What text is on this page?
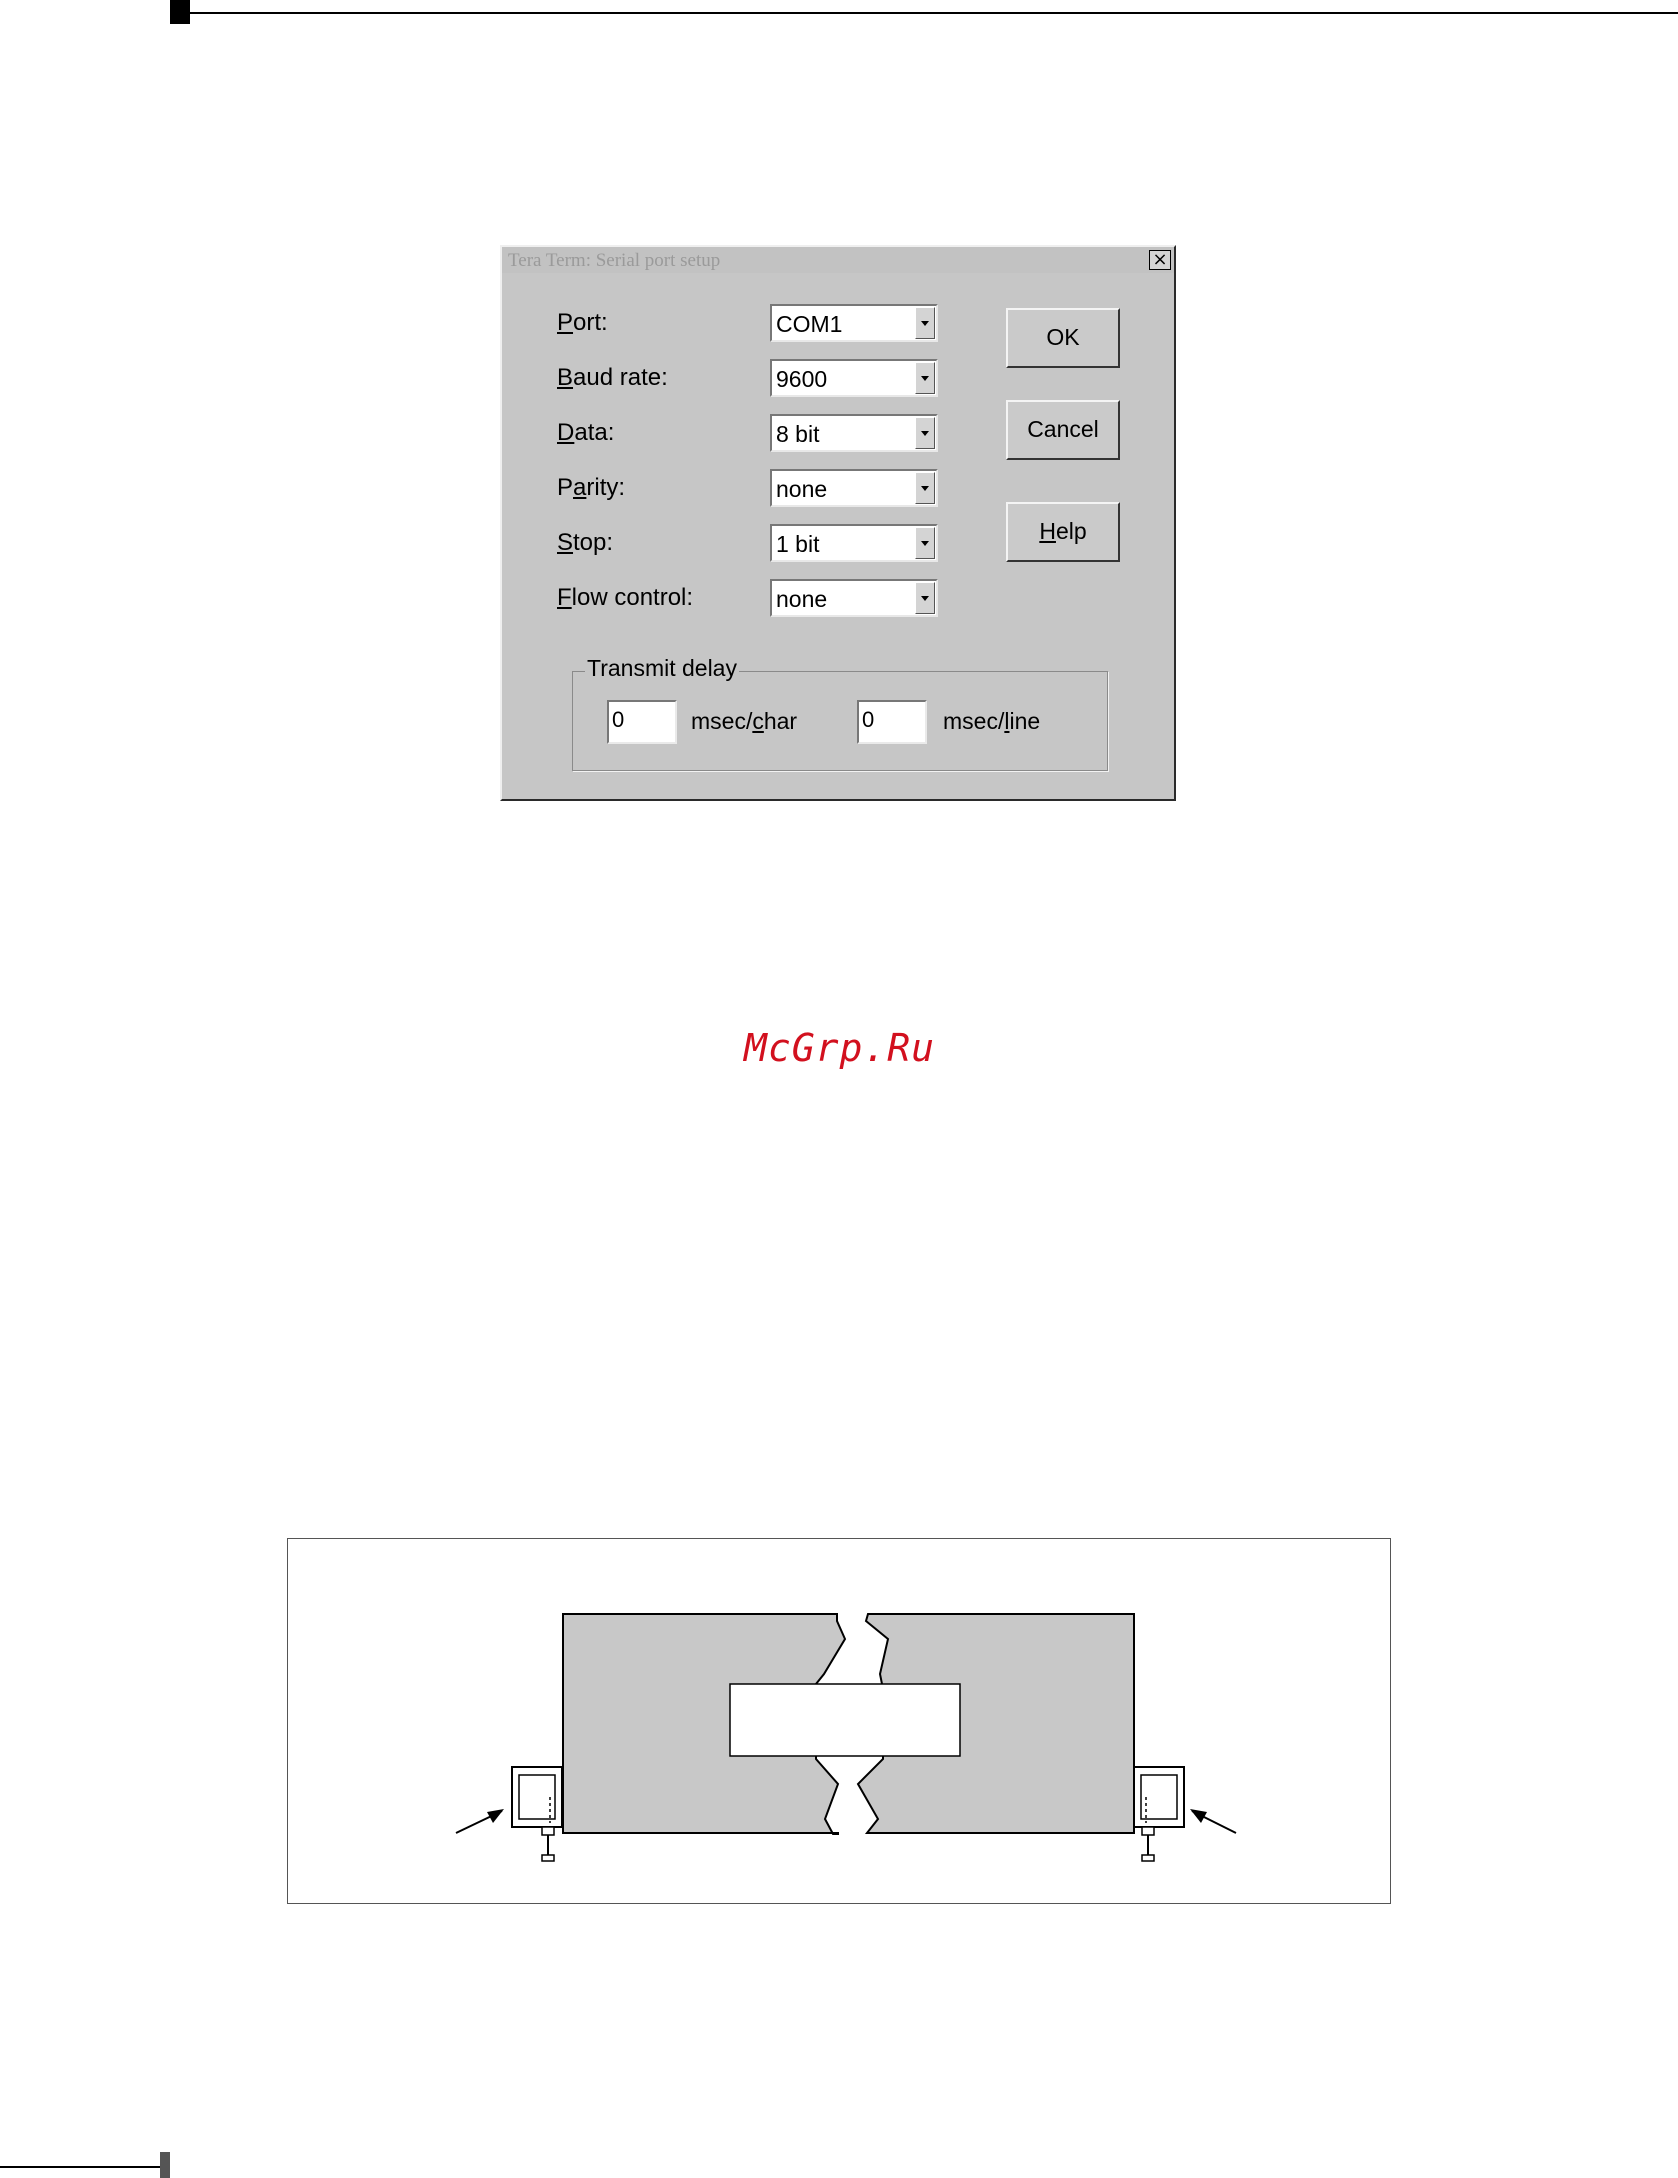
Tera Term: Serial port setup	×
Port:	COM1
Baud rate:	9600
Data:	8 bit
Parity:	none
Stop:	1 bit
Flow control:	none
OK
Cancel
Help
Transmit delay
0	msec/char	0	msec/line
McGrp.Ru
